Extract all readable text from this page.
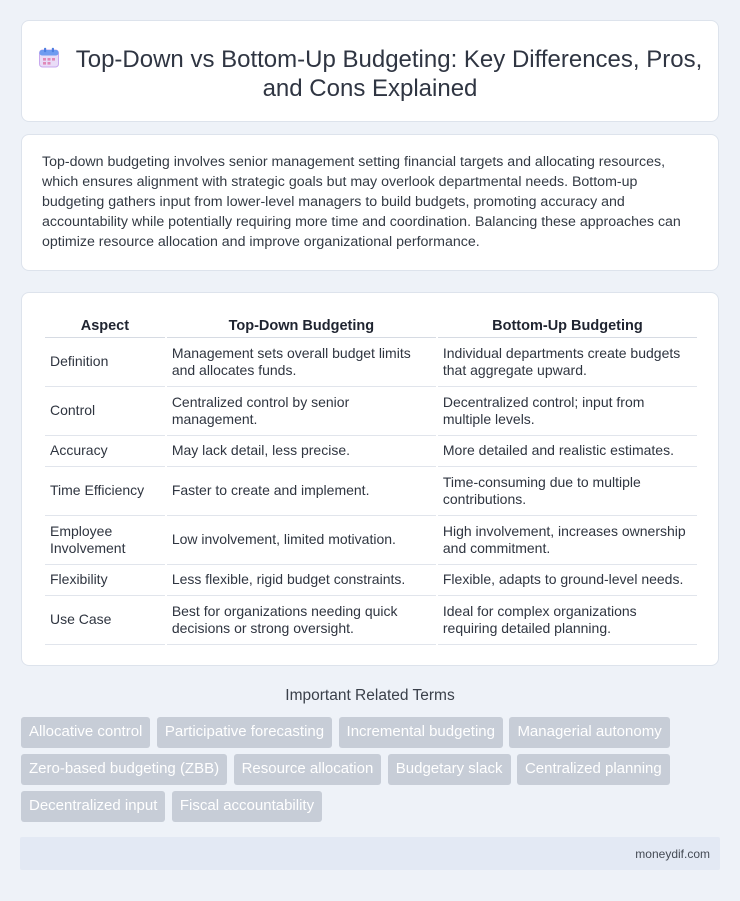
Top-Down vs Bottom-Up Budgeting: Key Differences, Pros, and Cons Explained

Top-down budgeting involves senior management setting financial targets and allocating resources, which ensures alignment with strategic goals but may overlook departmental needs. Bottom-up budgeting gathers input from lower-level managers to build budgets, promoting accuracy and accountability while potentially requiring more time and coordination. Balancing these approaches can optimize resource allocation and improve organizational performance.

Aspect	Top-Down Budgeting	Bottom-Up Budgeting
Definition	Management sets overall budget limits and allocates funds.	Individual departments create budgets that aggregate upward.
Control	Centralized control by senior management.	Decentralized control; input from multiple levels.
Accuracy	May lack detail, less precise.	More detailed and realistic estimates.
Time Efficiency	Faster to create and implement.	Time-consuming due to multiple contributions.
Employee Involvement	Low involvement, limited motivation.	High involvement, increases ownership and commitment.
Flexibility	Less flexible, rigid budget constraints.	Flexible, adapts to ground-level needs.
Use Case	Best for organizations needing quick decisions or strong oversight.	Ideal for complex organizations requiring detailed planning.
Important Related Terms
Allocative control Participative forecasting Incremental budgeting Managerial autonomy Zero-based budgeting (ZBB) Resource allocation Budgetary slack Centralized planning Decentralized input Fiscal accountability
moneydif.com
